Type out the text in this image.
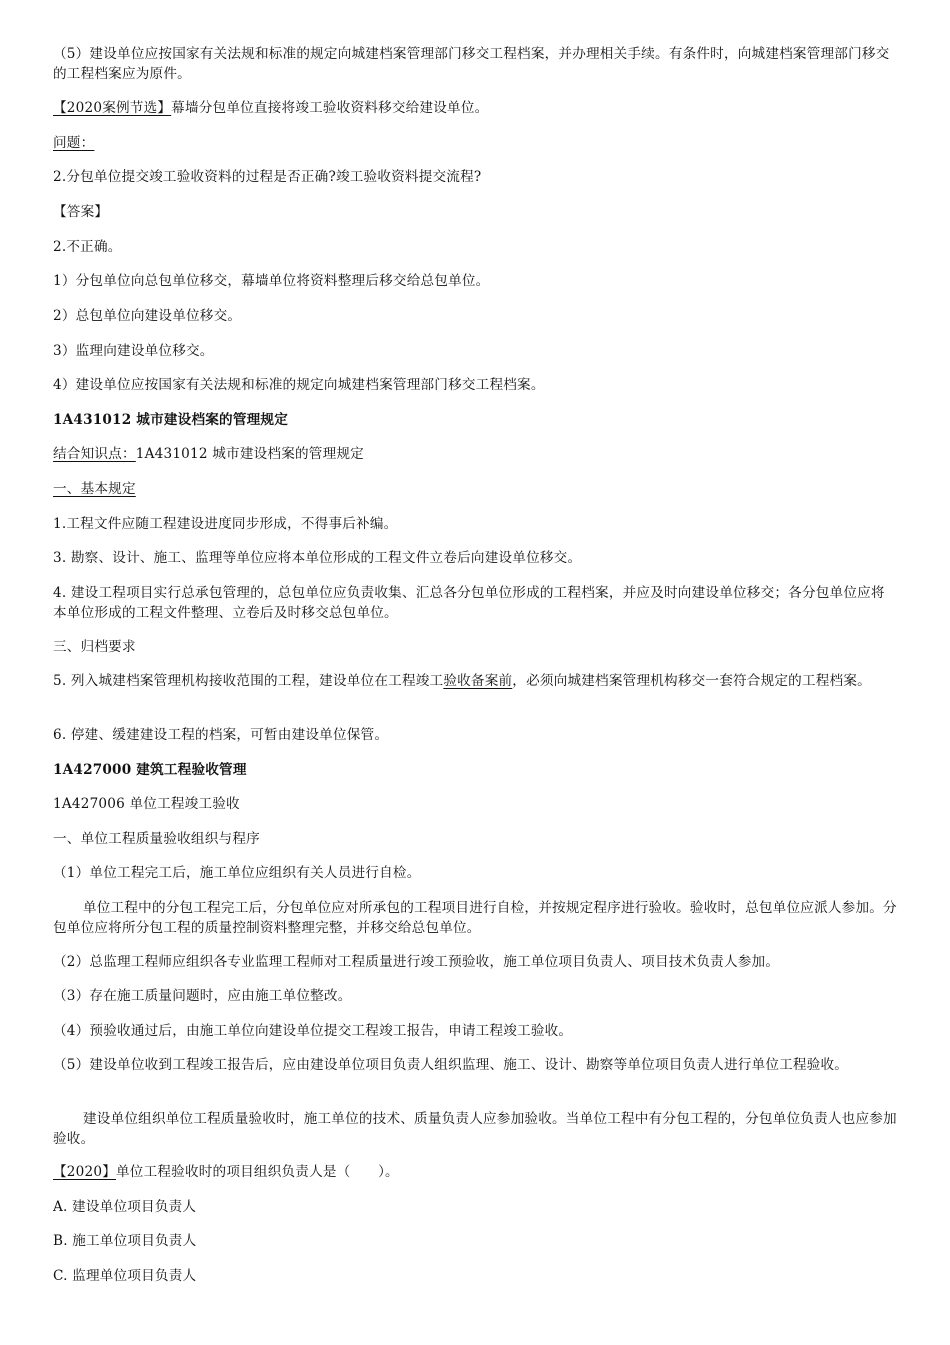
（5）建设单位应按国家有关法规和标准的规定向城建档案管理部门移交工程档案，并办理相关手续。有条件时，向城建档案管理部门移交的工程档案应为原件。
【2020案例节选】幕墙分包单位直接将竣工验收资料移交给建设单位。
问题：
2.分包单位提交竣工验收资料的过程是否正确?竣工验收资料提交流程?
【答案】
2.不正确。
1）分包单位向总包单位移交，幕墙单位将资料整理后移交给总包单位。
2）总包单位向建设单位移交。
3）监理向建设单位移交。
4）建设单位应按国家有关法规和标准的规定向城建档案管理部门移交工程档案。
1A431012 城市建设档案的管理规定
结合知识点：1A431012 城市建设档案的管理规定
一、基本规定
1.工程文件应随工程建设进度同步形成，不得事后补编。
3. 勘察、设计、施工、监理等单位应将本单位形成的工程文件立卷后向建设单位移交。
4. 建设工程项目实行总承包管理的，总包单位应负责收集、汇总各分包单位形成的工程档案，并应及时向建设单位移交；各分包单位应将本单位形成的工程文件整理、立卷后及时移交总包单位。
三、归档要求
5. 列入城建档案管理机构接收范围的工程，建设单位在工程竣工验收备案前，必须向城建档案管理机构移交一套符合规定的工程档案。
6. 停建、缓建建设工程的档案，可暂由建设单位保管。
1A427000 建筑工程验收管理
1A427006 单位工程竣工验收
一、单位工程质量验收组织与程序
（1）单位工程完工后，施工单位应组织有关人员进行自检。
单位工程中的分包工程完工后，分包单位应对所承包的工程项目进行自检，并按规定程序进行验收。验收时，总包单位应派人参加。分包单位应将所分包工程的质量控制资料整理完整，并移交给总包单位。
（2）总监理工程师应组织各专业监理工程师对工程质量进行竣工预验收，施工单位项目负责人、项目技术负责人参加。
（3）存在施工质量问题时，应由施工单位整改。
（4）预验收通过后，由施工单位向建设单位提交工程竣工报告，申请工程竣工验收。
（5）建设单位收到工程竣工报告后，应由建设单位项目负责人组织监理、施工、设计、勘察等单位项目负责人进行单位工程验收。
建设单位组织单位工程质量验收时，施工单位的技术、质量负责人应参加验收。当单位工程中有分包工程的，分包单位负责人也应参加验收。
【2020】单位工程验收时的项目组织负责人是（　　）。
A. 建设单位项目负责人
B. 施工单位项目负责人
C. 监理单位项目负责人
